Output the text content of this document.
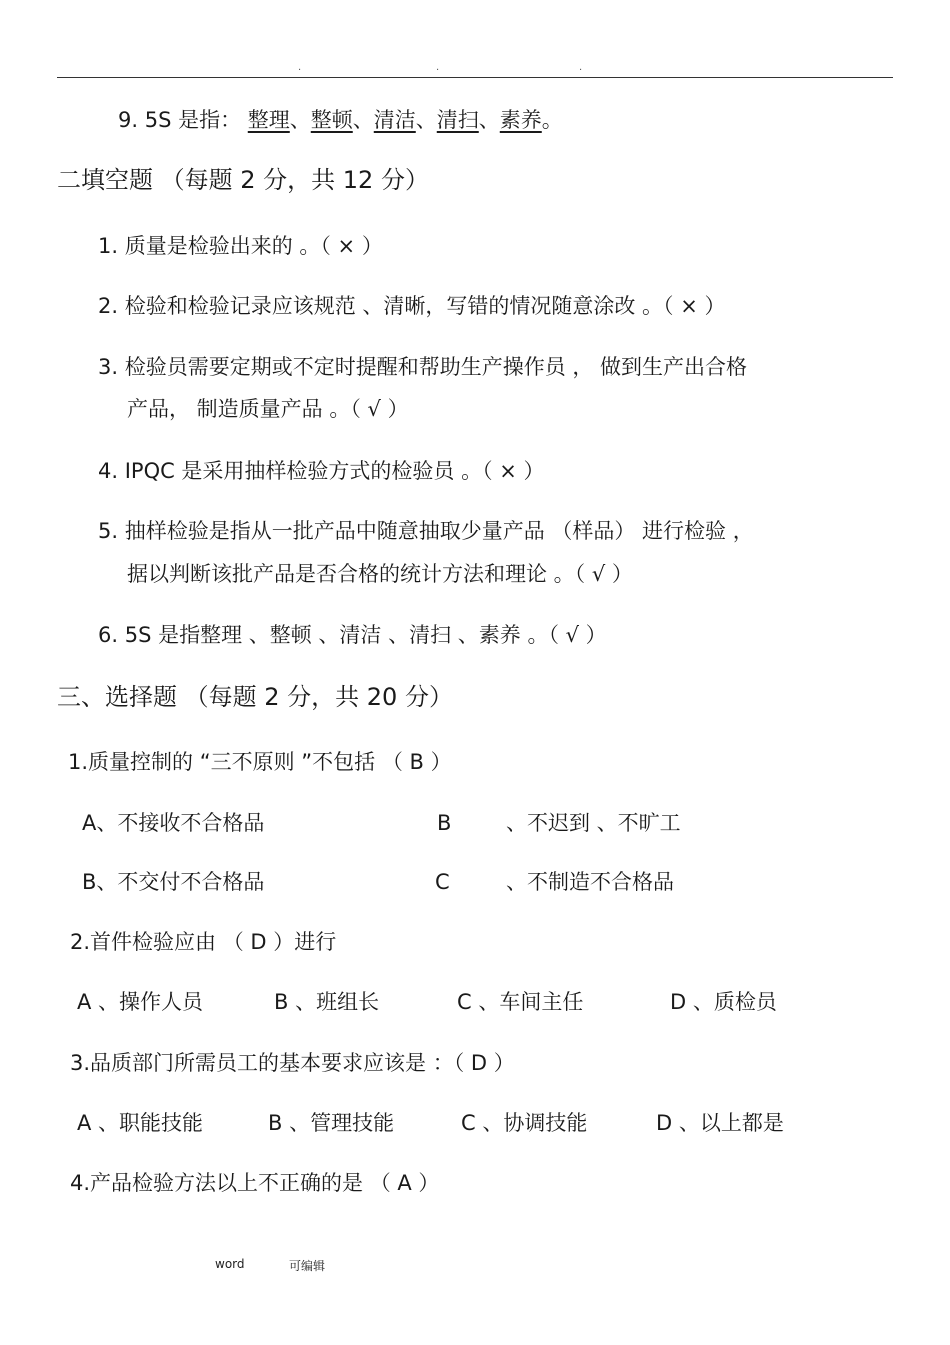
.	.	.
9. 5S 是指： 整理、整顿、清洁、清扫、素养。
二填空题 （每题 2 分，共 12 分）
1. 质量是检验出来的 。（ × ）
2. 检验和检验记录应该规范 、清晰，写错的情况随意涂改 。（ × ）
3. 检验员需要定期或不定时提醒和帮助生产操作员 ， 做到生产出合格
产品， 制造质量产品 。（ √ ）
4. IPQC 是采用抽样检验方式的检验员 。（ × ）
5. 抽样检验是指从一批产品中随意抽取少量产品 （样品） 进行检验 ，
据以判断该批产品是否合格的统计方法和理论 。（ √ ）
6. 5S 是指整理 、整顿 、清洁 、清扫 、素养 。（ √ ）
三、选择题 （每题 2 分，共 20 分）
1.质量控制的 “三不原则 ”不包括 （ B ）
A、不接收不合格品	B	、不迟到 、不旷工
B、不交付不合格品	C	、不制造不合格品
2.首件检验应由 （ D ）进行
A 、操作人员	B 、班组长	C 、车间主任	D 、质检员
3.品质部门所需员工的基本要求应该是 ：（ D ）
A 、职能技能	B 、管理技能	C 、协调技能	D 、以上都是
4.产品检验方法以上不正确的是 （ A ）
word	可编辑
